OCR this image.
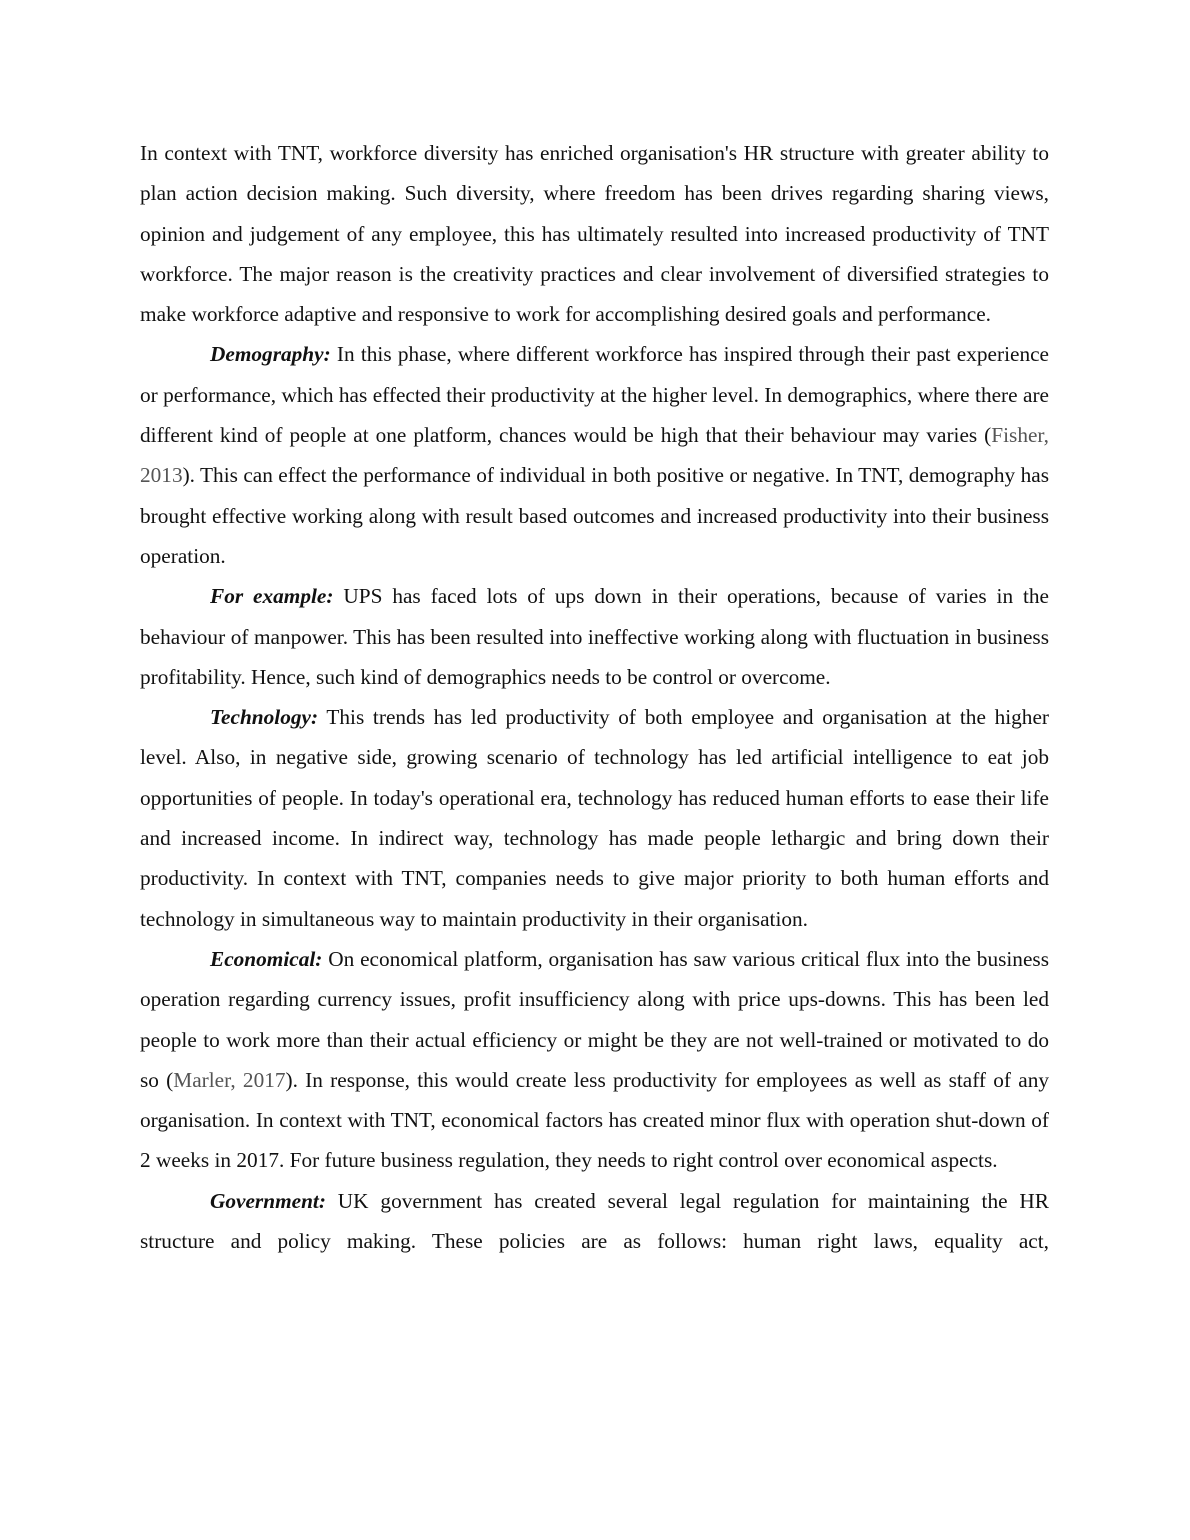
In context with TNT, workforce diversity has enriched organisation's HR structure with greater ability to plan action decision making. Such diversity, where freedom has been drives regarding sharing views, opinion and judgement of any employee, this has ultimately resulted into increased productivity of TNT workforce. The major reason is the creativity practices and clear involvement of diversified strategies to make workforce adaptive and responsive to work for accomplishing desired goals and performance.

Demography: In this phase, where different workforce has inspired through their past experience or performance, which has effected their productivity at the higher level. In demographics, where there are different kind of people at one platform, chances would be high that their behaviour may varies (Fisher, 2013). This can effect the performance of individual in both positive or negative. In TNT, demography has brought effective working along with result based outcomes and increased productivity into their business operation.

For example: UPS has faced lots of ups down in their operations, because of varies in the behaviour of manpower. This has been resulted into ineffective working along with fluctuation in business profitability. Hence, such kind of demographics needs to be control or overcome.

Technology: This trends has led productivity of both employee and organisation at the higher level. Also, in negative side, growing scenario of technology has led artificial intelligence to eat job opportunities of people. In today's operational era, technology has reduced human efforts to ease their life and increased income. In indirect way, technology has made people lethargic and bring down their productivity. In context with TNT, companies needs to give major priority to both human efforts and technology in simultaneous way to maintain productivity in their organisation.

Economical: On economical platform, organisation has saw various critical flux into the business operation regarding currency issues, profit insufficiency along with price ups-downs. This has been led people to work more than their actual efficiency or might be they are not well-trained or motivated to do so (Marler, 2017). In response, this would create less productivity for employees as well as staff of any organisation. In context with TNT, economical factors has created minor flux with operation shut-down of 2 weeks in 2017. For future business regulation, they needs to right control over economical aspects.

Government: UK government has created several legal regulation for maintaining the HR structure and policy making. These policies are as follows: human right laws, equality act,
